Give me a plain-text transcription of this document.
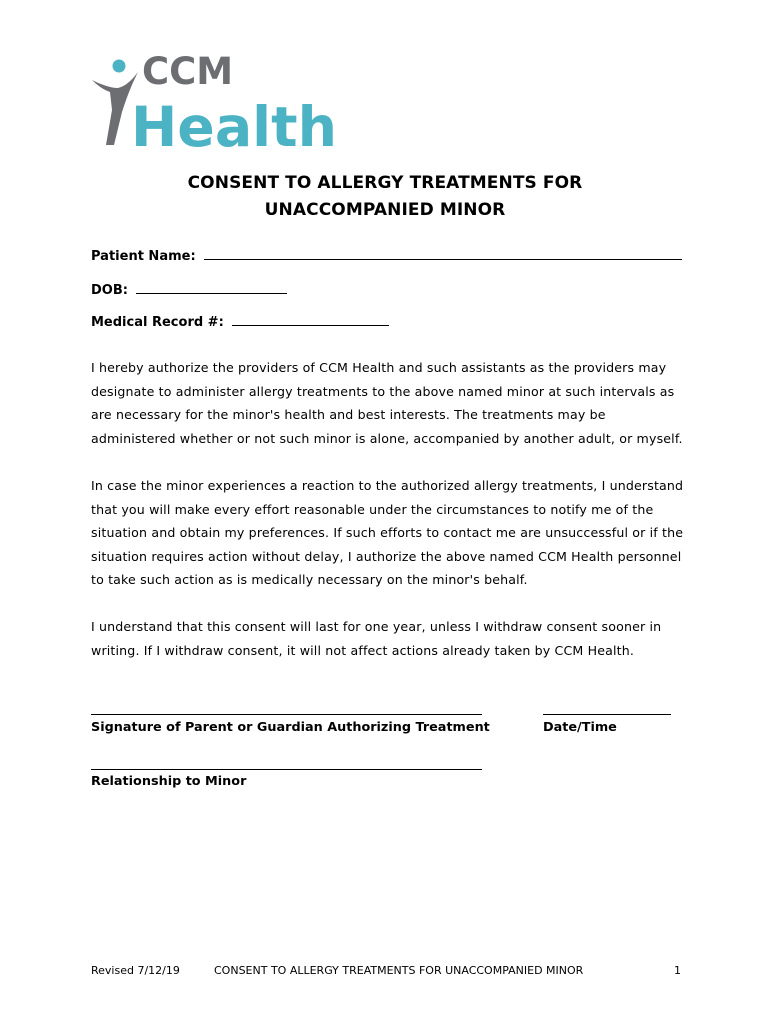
CCM
Health
CONSENT TO ALLERGY TREATMENTS FOR
UNACCOMPANIED MINOR
Patient Name:
DOB:
Medical Record #:
I hereby authorize the providers of CCM Health and such assistants as the providers may
designate to administer allergy treatments to the above named minor at such intervals as
are necessary for the minor's health and best interests. The treatments may be
administered whether or not such minor is alone, accompanied by another adult, or myself.
In case the minor experiences a reaction to the authorized allergy treatments, I understand
that you will make every effort reasonable under the circumstances to notify me of the
situation and obtain my preferences. If such efforts to contact me are unsuccessful or if the
situation requires action without delay, I authorize the above named CCM Health personnel
to take such action as is medically necessary on the minor's behalf.
I understand that this consent will last for one year, unless I withdraw consent sooner in
writing. If I withdraw consent, it will not affect actions already taken by CCM Health.
Signature of Parent or Guardian Authorizing Treatment	Date/Time
Relationship to Minor
Revised 7/12/19	CONSENT TO ALLERGY TREATMENTS FOR UNACCOMPANIED MINOR	1
